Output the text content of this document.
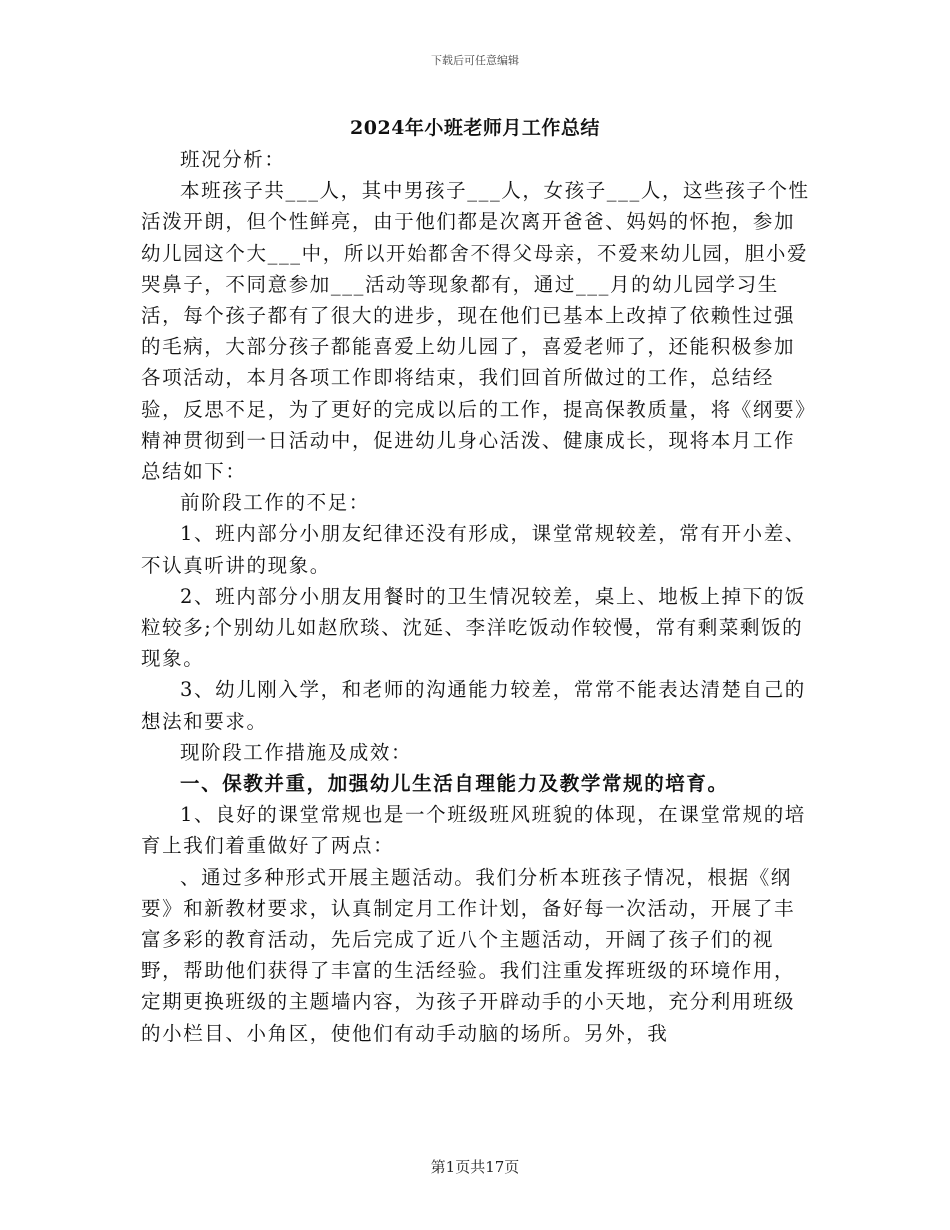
下载后可任意编辑
2024年小班老师月工作总结

班况分析：

本班孩子共___人，其中男孩子___人，女孩子___人，这些孩子个性活泼开朗，但个性鲜亮，由于他们都是次离开爸爸、妈妈的怀抱，参加幼儿园这个大___中，所以开始都舍不得父母亲，不爱来幼儿园，胆小爱哭鼻子，不同意参加___活动等现象都有，通过___月的幼儿园学习生活，每个孩子都有了很大的进步，现在他们已基本上改掉了依赖性过强的毛病，大部分孩子都能喜爱上幼儿园了，喜爱老师了，还能积极参加各项活动，本月各项工作即将结束，我们回首所做过的工作，总结经验，反思不足，为了更好的完成以后的工作，提高保教质量，将《纲要》精神贯彻到一日活动中，促进幼儿身心活泼、健康成长，现将本月工作总结如下：

前阶段工作的不足：

1、班内部分小朋友纪律还没有形成，课堂常规较差，常有开小差、不认真听讲的现象。

2、班内部分小朋友用餐时的卫生情况较差，桌上、地板上掉下的饭粒较多;个别幼儿如赵欣琰、沈延、李洋吃饭动作较慢，常有剩菜剩饭的现象。

3、幼儿刚入学，和老师的沟通能力较差，常常不能表达清楚自己的想法和要求。

现阶段工作措施及成效：

一、保教并重，加强幼儿生活自理能力及教学常规的培育。

1、良好的课堂常规也是一个班级班风班貌的体现，在课堂常规的培育上我们着重做好了两点：

、通过多种形式开展主题活动。我们分析本班孩子情况，根据《纲要》和新教材要求，认真制定月工作计划，备好每一次活动，开展了丰富多彩的教育活动，先后完成了近八个主题活动，开阔了孩子们的视野，帮助他们获得了丰富的生活经验。我们注重发挥班级的环境作用，定期更换班级的主题墙内容，为孩子开辟动手的小天地，充分利用班级的小栏目、小角区，使他们有动手动脑的场所。另外，我

第1页共17页
